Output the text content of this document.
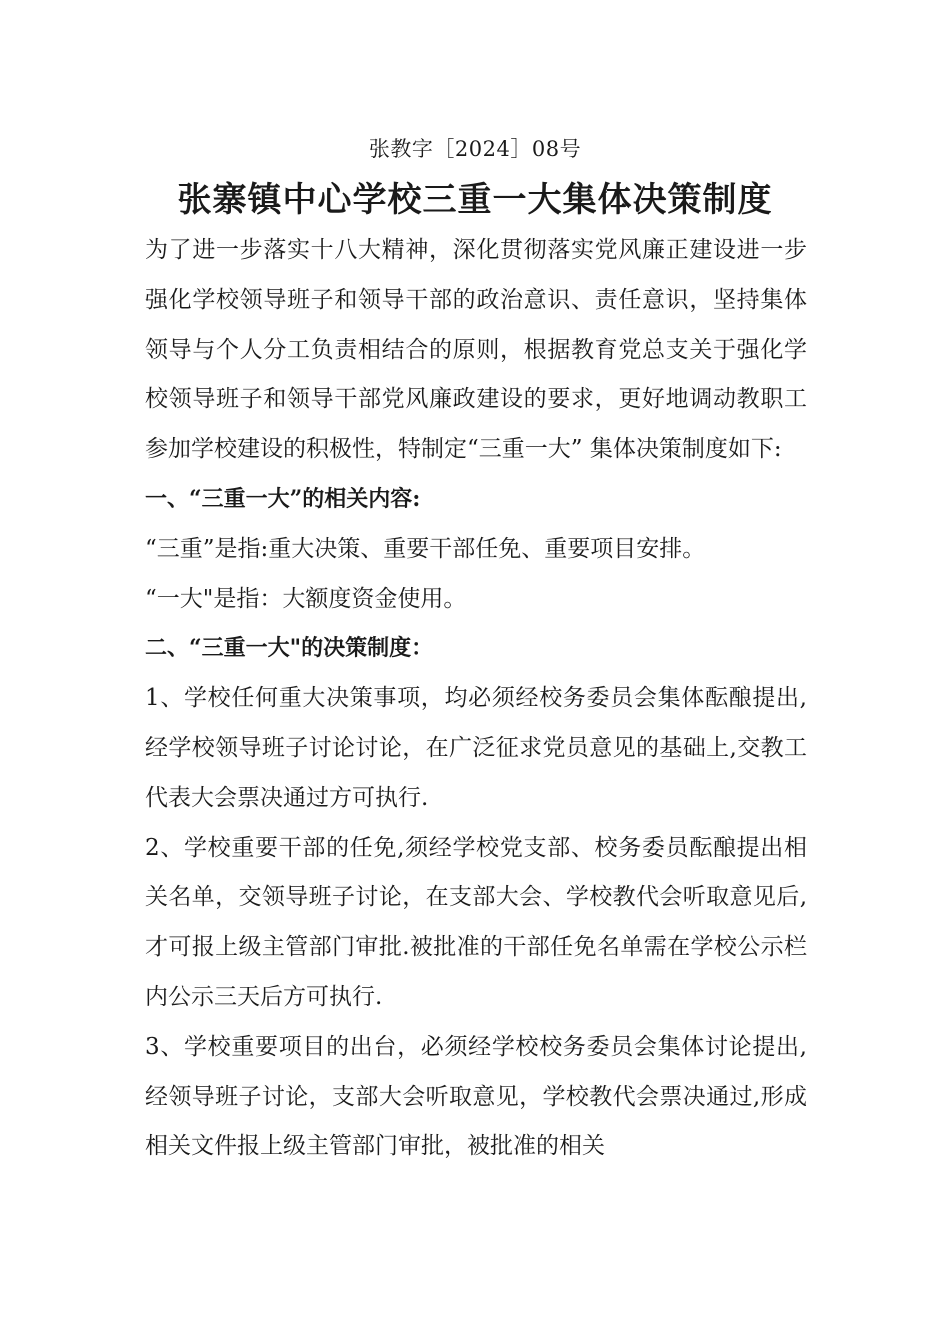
张教字［2024］08号
张寨镇中心学校三重一大集体决策制度

为了进一步落实十八大精神，深化贯彻落实党风廉正建设进一步强化学校领导班子和领导干部的政治意识、责任意识，坚持集体领导与个人分工负责相结合的原则，根据教育党总支关于强化学校领导班子和领导干部党风廉政建设的要求，更好地调动教职工参加学校建设的积极性，特制定“三重一大” 集体决策制度如下:

一、“三重一大”的相关内容:

“三重”是指:重大决策、重要干部任免、重要项目安排。

“一大"是指：大额度资金使用。

二、“三重一大"的决策制度：

1、学校任何重大决策事项，均必须经校务委员会集体酝酿提出,经学校领导班子讨论讨论，在广泛征求党员意见的基础上,交教工代表大会票决通过方可执行.

2、学校重要干部的任免,须经学校党支部、校务委员酝酿提出相关名单，交领导班子讨论，在支部大会、学校教代会听取意见后,才可报上级主管部门审批.被批准的干部任免名单需在学校公示栏内公示三天后方可执行.

3、学校重要项目的出台，必须经学校校务委员会集体讨论提出,经领导班子讨论，支部大会听取意见，学校教代会票决通过,形成相关文件报上级主管部门审批，被批准的相关
